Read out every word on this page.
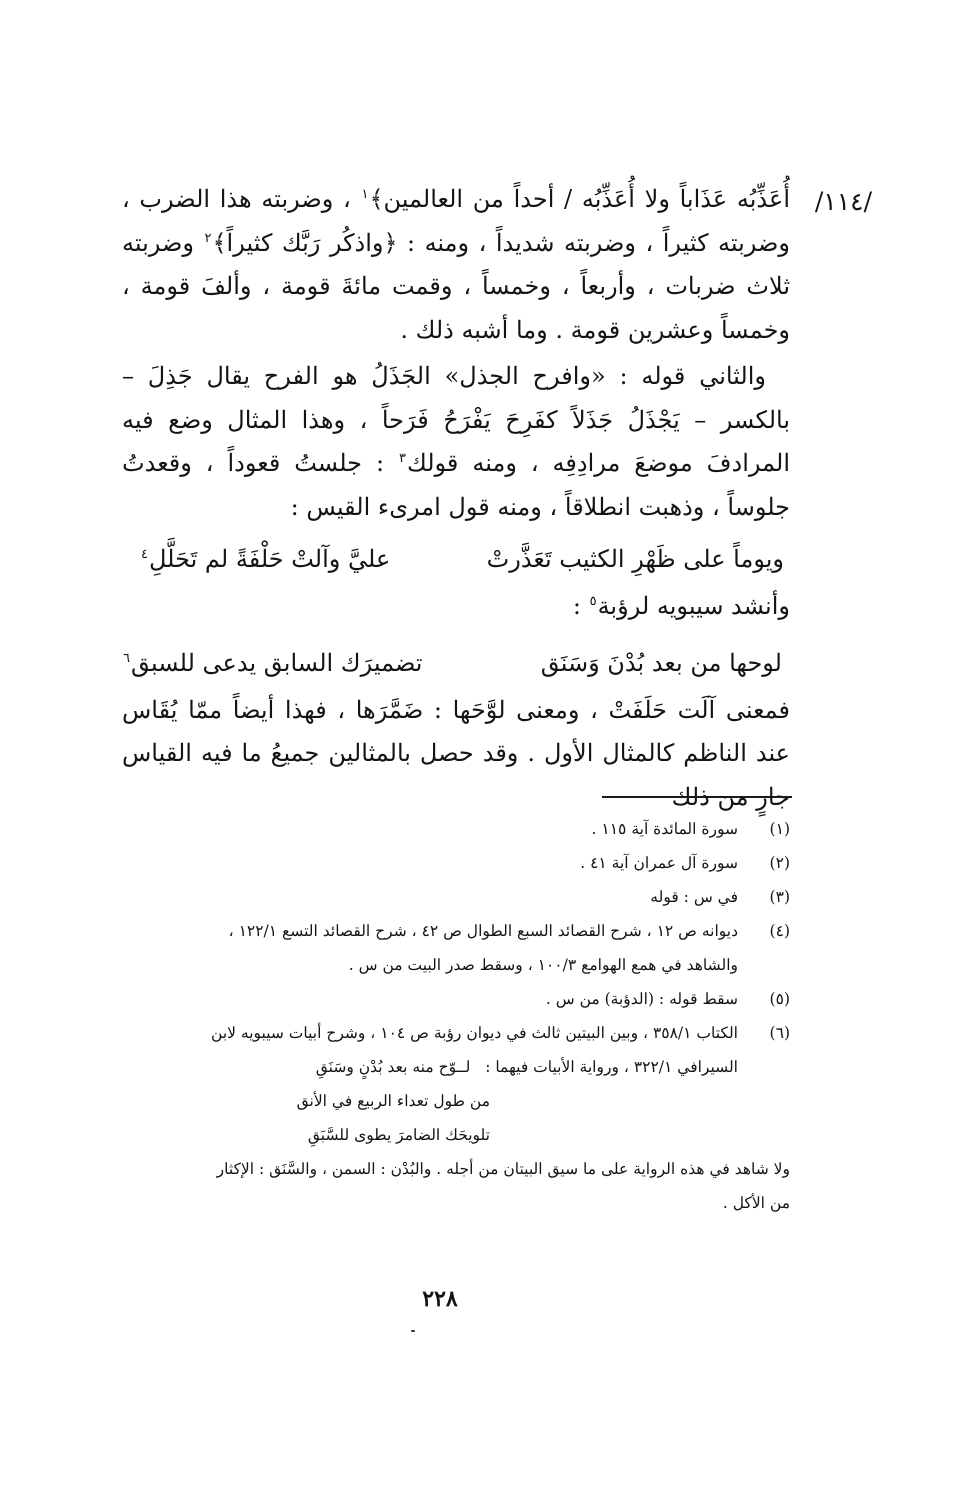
/١١٤/

أُعَذِّبُه عَذَاباً ولا أُعَذِّبُه / أحداً من العالمين﴾$^١$ ، وضربته هذا الضرب ، وضربته كثيراً ، وضربته شديداً ، ومنه : ﴿واذكُر رَبَّك كثيراً﴾$^٢$ وضربته ثلاث ضربات ، وأربعاً ، وخمساً ، وقمت مائةَ قومة ، وألفَ قومة ، وخمساً وعشرين قومة . وما أشبه ذلك .

والثاني قوله : «وافرح الجذل» الجَذَلُ هو الفرح يقال جَذِلَ – بالكسر – يَجْذَلُ جَذَلاً كفَرِحَ يَفْرَحُ فَرَحاً ، وهذا المثال وضع فيه المرادفَ موضعَ مرادِفِه ، ومنه قولك$^٣$ : جلستُ قعوداً ، وقعدتُ جلوساً ، وذهبت انطلاقاً ، ومنه قول امرىء القيس :

ويوماً على ظَهْرِ الكثيب تَعَذَّرتْ
عليَّ وآلتْ حَلْفَةً لم تَحَلَّلِ$^٤$

وأنشد سيبويه لرؤبة$^٥$ :

لوحها من بعد بُدْنَ وَسَنَق
تضميرَك السابق يدعى للسبق$^٦$

فمعنى آلَت حَلَفَتْ ، ومعنى لوَّحَها : ضَمَّرَها ، فهذا أيضاً ممّا يُقَاس عند الناظم كالمثال الأول . وقد حصل بالمثالين جميعُ ما فيه القياس جارٍ من ذلك

(١)
سورة المائدة آية ١١٥ .
(٢)
سورة آل عمران آية ٤١ .
(٣)
في س : قوله
(٤)
ديوانه ص ١٢ ، شرح القصائد السبع الطوال ص ٤٢ ، شرح القصائد التسع ١٢٢/١ ،
والشاهد في همع الهوامع ١٠٠/٣ ، وسقط صدر البيت من س .
(٥)
سقط قوله : (الدؤبة) من س .
(٦)
الكتاب ٣٥٨/١ ، وبين البيتين ثالث في ديوان رؤبة ص ١٠٤ ، وشرح أبيات سيبويه لابن
السيرافي ٣٢٢/١ ، ورواية الأبيات فيهما :   لــوّح منه بعد بُدْنٍ وسَنَقِ
من طول تعداء الربيع في الأنق
تلويحَك الضامرَ يطوى للسَّبَقِ
ولا شاهد في هذه الرواية على ما سيق البيتان من أجله . والبُدْن : السمن ، والسَّنَق : الإكثار
من الأكل .
٢٢٨
